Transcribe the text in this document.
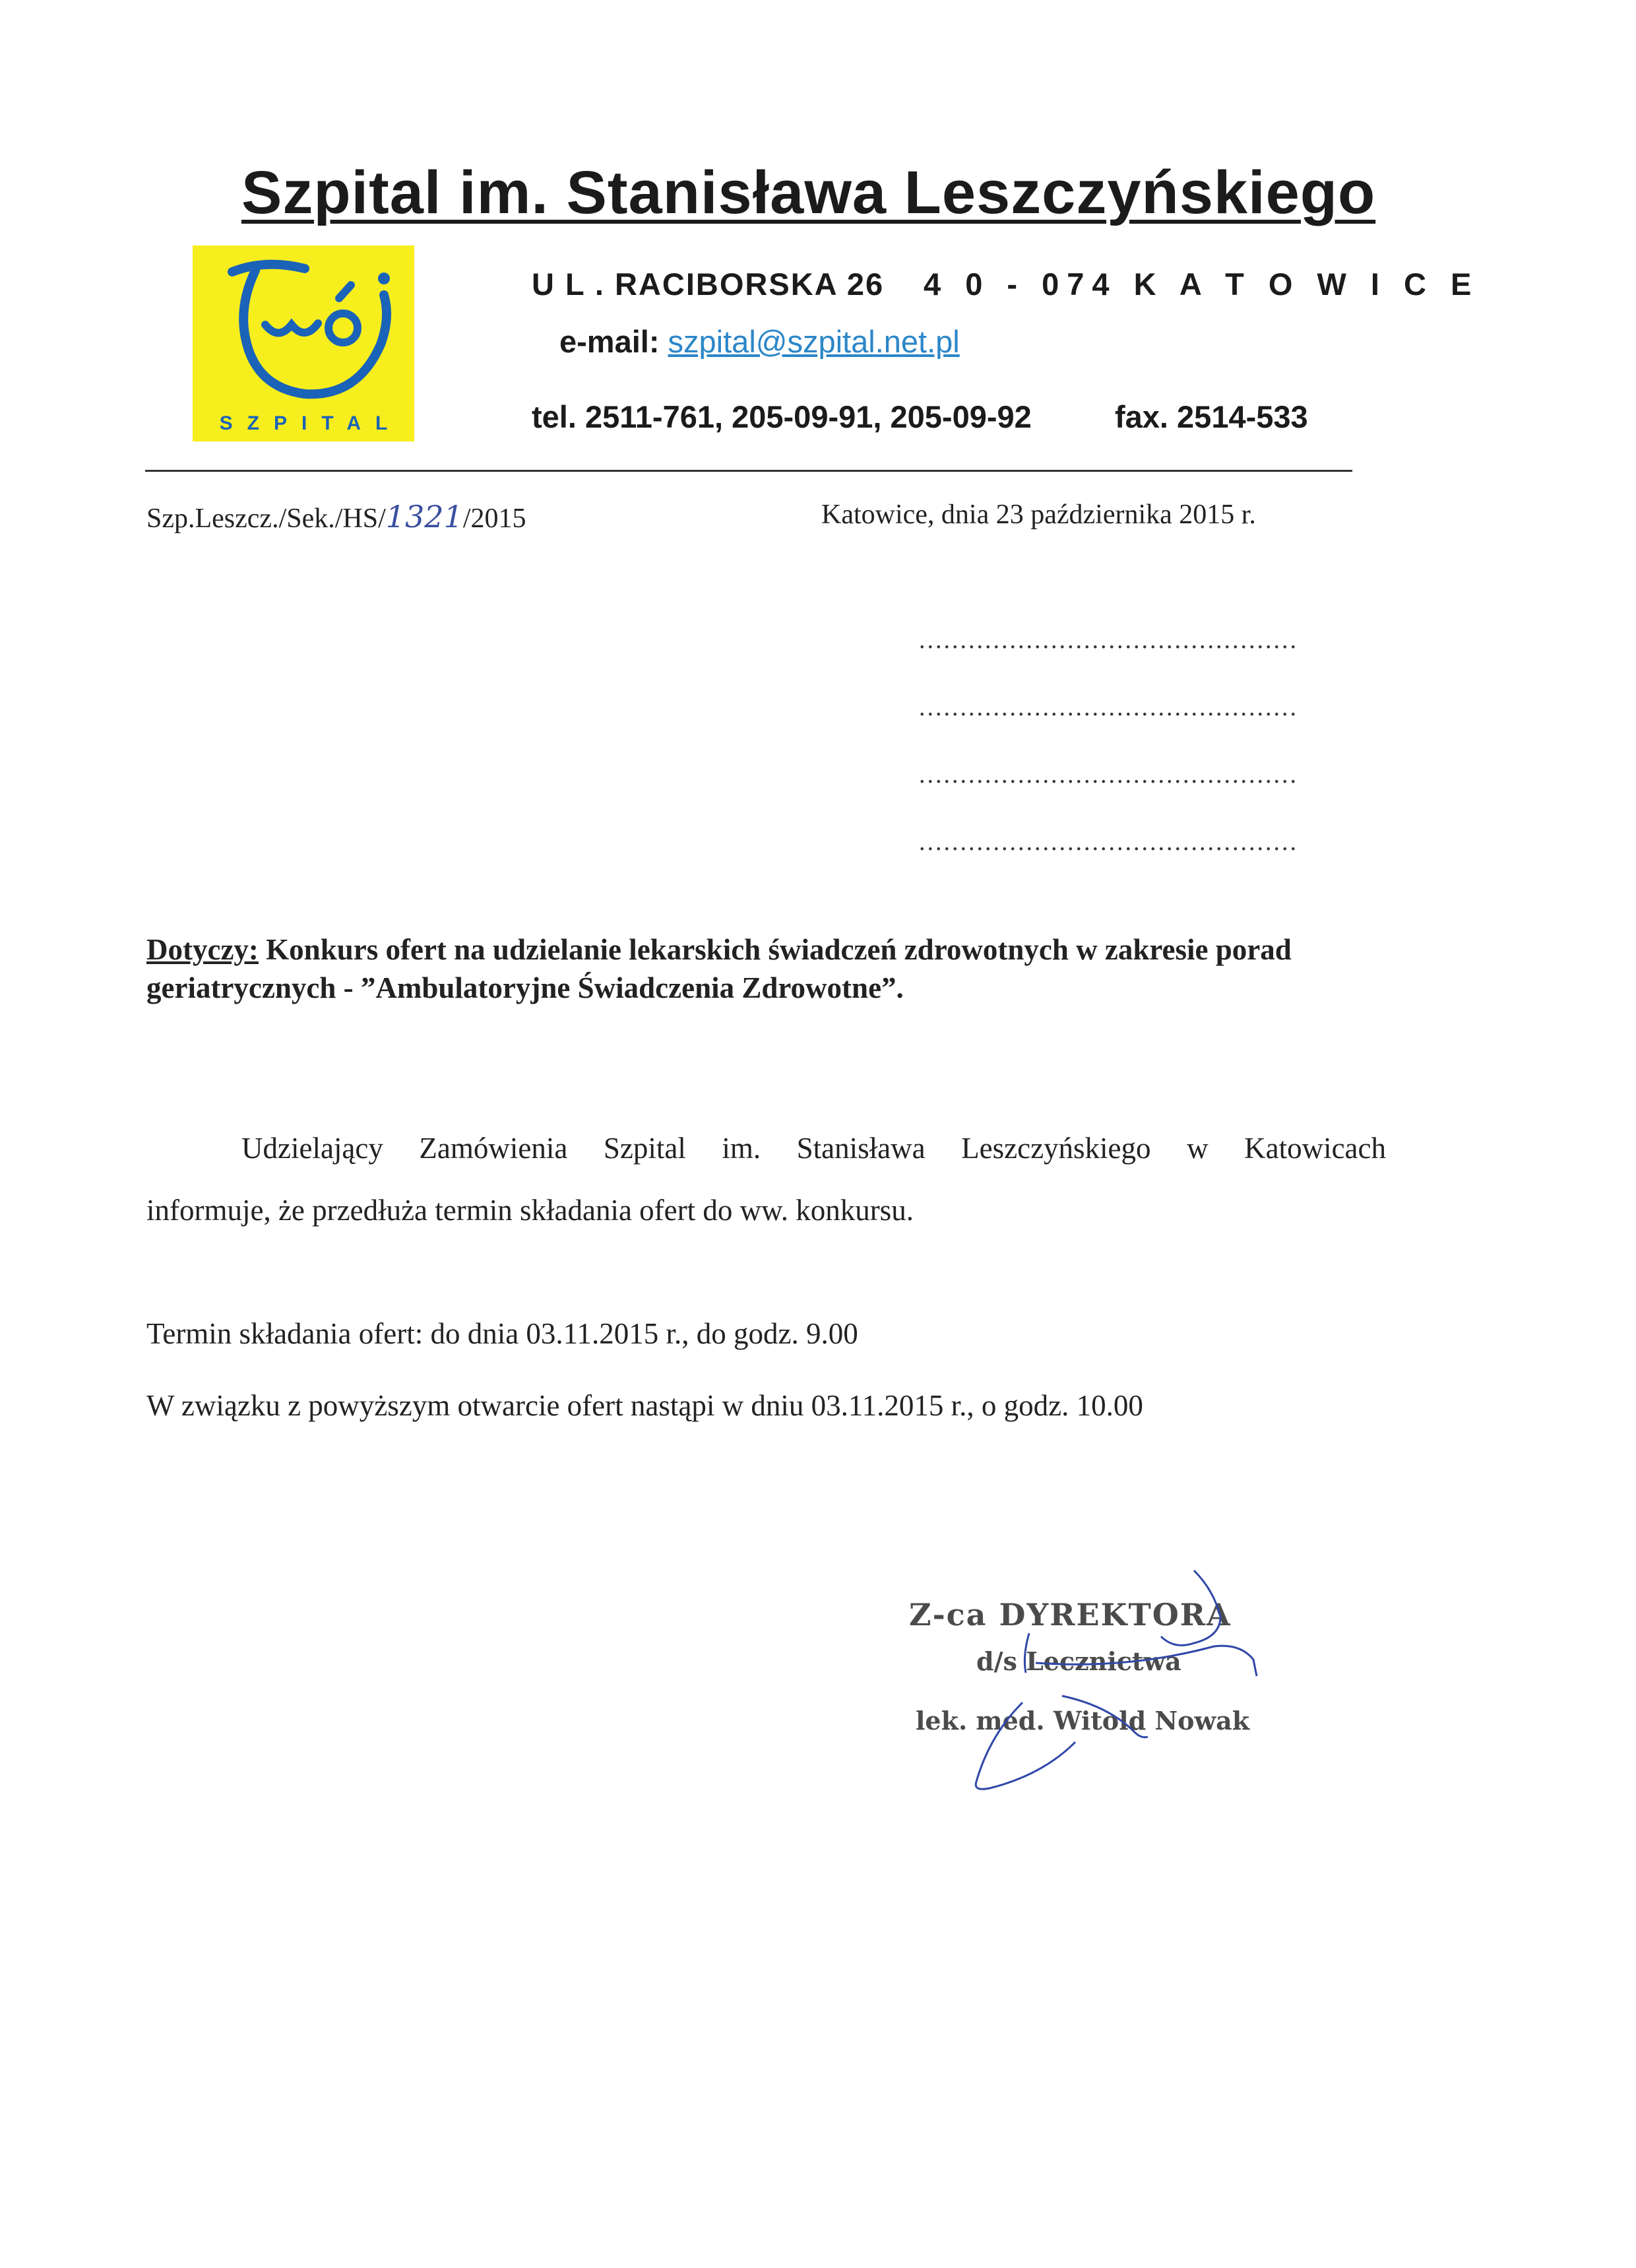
Szpital im. Stanisława Leszczyńskiego
SZPITAL
U L . RACIBORSKA 26 4 0 - 074 K A T O W I C E
e-mail: szpital@szpital.net.pl
tel. 2511-761, 205-09-91, 205-09-92	fax. 2514-533
Szp.Leszcz./Sek./HS/1321/2015	Katowice, dnia 23 października 2015 r.
..............................................
..............................................
..............................................
..............................................
Dotyczy: Konkurs ofert na udzielanie lekarskich świadczeń zdrowotnych w zakresie porad geriatrycznych - ”Ambulatoryjne Świadczenia Zdrowotne”.
Udzielający Zamówienia Szpital im. Stanisława Leszczyńskiego w Katowicach
informuje, że przedłuża termin składania ofert do ww. konkursu.
Termin składania ofert: do dnia 03.11.2015 r., do godz. 9.00
W związku z powyższym otwarcie ofert nastąpi w dniu 03.11.2015 r., o godz. 10.00
Z-ca DYREKTORA
d/s Lecznictwa
lek. med. Witold Nowak
